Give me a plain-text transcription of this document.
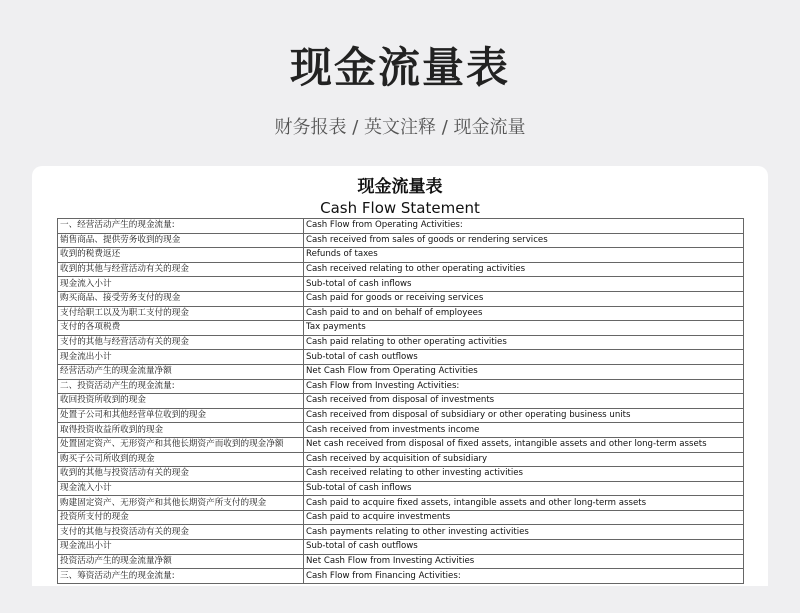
现金流量表
财务报表 / 英文注释 / 现金流量
现金流量表
Cash Flow Statement
一、经营活动产生的现金流量:	Cash Flow from Operating Activities:
销售商品、提供劳务收到的现金	Cash received from sales of goods or rendering services
收到的税费返还	Refunds of taxes
收到的其他与经营活动有关的现金	Cash received relating to other operating activities
现金流入小计	Sub-total of cash inflows
购买商品、接受劳务支付的现金	Cash paid for goods or receiving services
支付给职工以及为职工支付的现金	Cash paid to and on behalf of employees
支付的各项税费	Tax payments
支付的其他与经营活动有关的现金	Cash paid relating to other operating activities
现金流出小计	Sub-total of cash outflows
经营活动产生的现金流量净额	Net Cash Flow from Operating Activities
二、投资活动产生的现金流量:	Cash Flow from Investing Activities:
收回投资所收到的现金	Cash received from disposal of investments
处置子公司和其他经营单位收到的现金	Cash received from disposal of subsidiary or other operating business units
取得投资收益所收到的现金	Cash received from investments income
处置固定资产、无形资产和其他长期资产而收到的现金净额	Net cash received from disposal of fixed assets, intangible assets and other long-term assets
购买子公司所收到的现金	Cash received by acquisition of subsidiary
收到的其他与投资活动有关的现金	Cash received relating to other investing activities
现金流入小计	Sub-total of cash inflows
购建固定资产、无形资产和其他长期资产所支付的现金	Cash paid to acquire fixed assets, intangible assets and other long-term assets
投资所支付的现金	Cash paid to acquire investments
支付的其他与投资活动有关的现金	Cash payments relating to other investing activities
现金流出小计	Sub-total of cash outflows
投资活动产生的现金流量净额	Net Cash Flow from Investing Activities
三、筹资活动产生的现金流量:	Cash Flow from Financing Activities:
